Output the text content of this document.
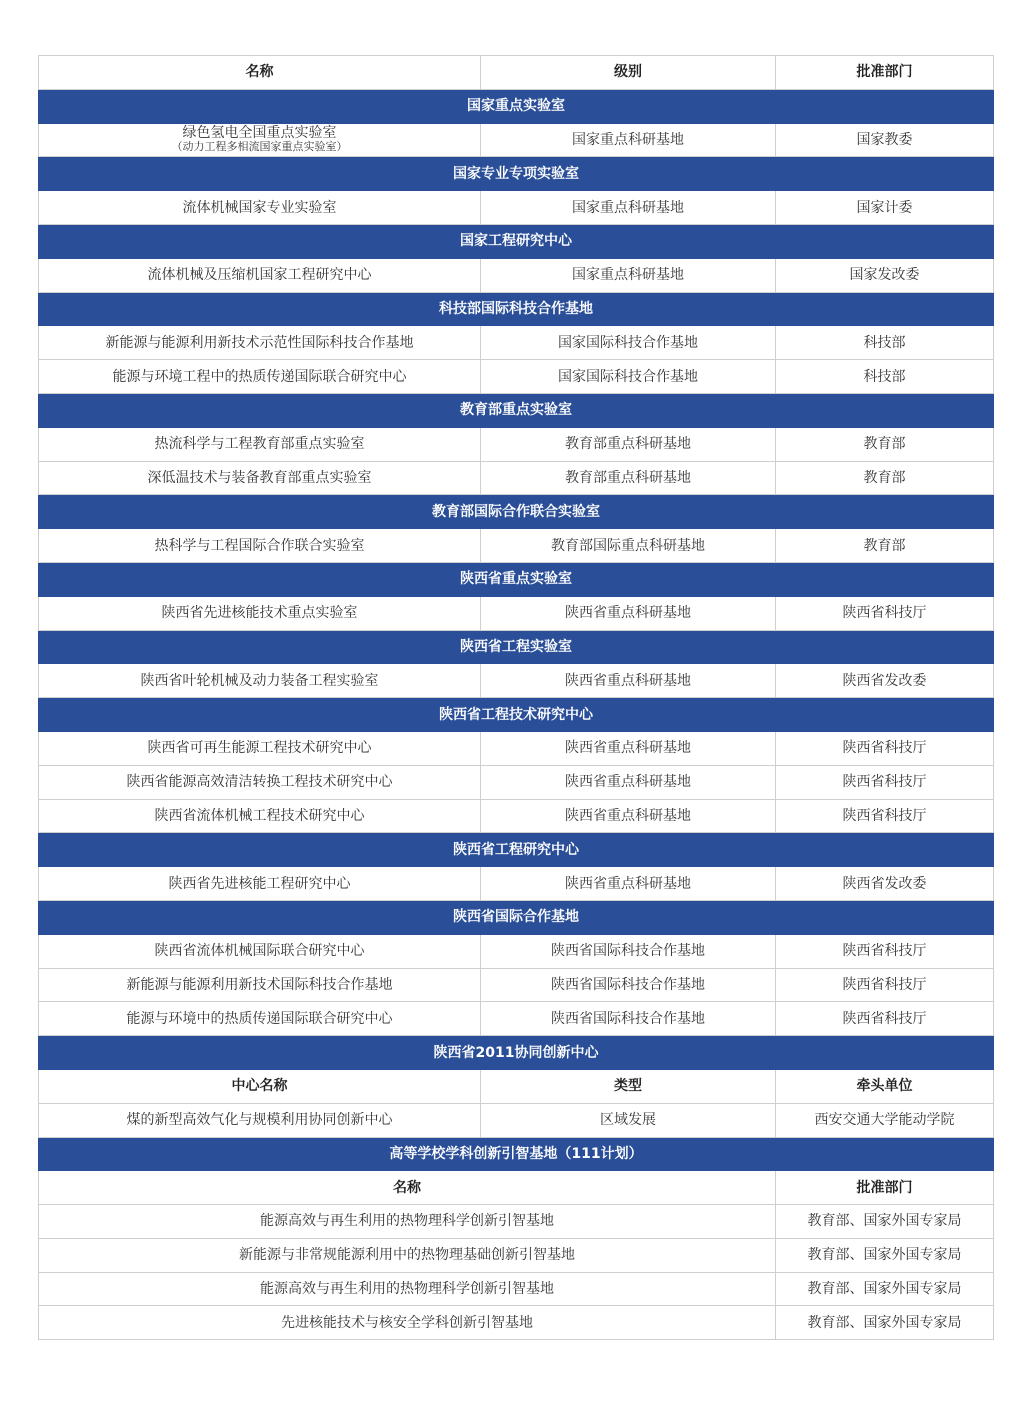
名称	级别	批准部门
国家重点实验室		

绿色氢电全国重点实验室
（动力工程多相流国家重点实验室）	国家重点科研基地	国家教委
国家专业专项实验室		
流体机械国家专业实验室	国家重点科研基地	国家计委
国家工程研究中心		
流体机械及压缩机国家工程研究中心	国家重点科研基地	国家发改委
科技部国际科技合作基地		
新能源与能源利用新技术示范性国际科技合作基地	国家国际科技合作基地	科技部
能源与环境工程中的热质传递国际联合研究中心	国家国际科技合作基地	科技部
教育部重点实验室		
热流科学与工程教育部重点实验室	教育部重点科研基地	教育部
深低温技术与装备教育部重点实验室	教育部重点科研基地	教育部
教育部国际合作联合实验室		
热科学与工程国际合作联合实验室	教育部国际重点科研基地	教育部
陕西省重点实验室		
陕西省先进核能技术重点实验室	陕西省重点科研基地	陕西省科技厅
陕西省工程实验室		
陕西省叶轮机械及动力装备工程实验室	陕西省重点科研基地	陕西省发改委
陕西省工程技术研究中心		
陕西省可再生能源工程技术研究中心	陕西省重点科研基地	陕西省科技厅
陕西省能源高效清洁转换工程技术研究中心	陕西省重点科研基地	陕西省科技厅
陕西省流体机械工程技术研究中心	陕西省重点科研基地	陕西省科技厅
陕西省工程研究中心		
陕西省先进核能工程研究中心	陕西省重点科研基地	陕西省发改委
陕西省国际合作基地		
陕西省流体机械国际联合研究中心	陕西省国际科技合作基地	陕西省科技厅
新能源与能源利用新技术国际科技合作基地	陕西省国际科技合作基地	陕西省科技厅
能源与环境中的热质传递国际联合研究中心	陕西省国际科技合作基地	陕西省科技厅
陕西省2011协同创新中心		
中心名称	类型	牵头单位
煤的新型高效气化与规模利用协同创新中心	区域发展	西安交通大学能动学院
高等学校学科创新引智基地（111计划）		
名称		批准部门
能源高效与再生利用的热物理科学创新引智基地		教育部、国家外国专家局
新能源与非常规能源利用中的热物理基础创新引智基地		教育部、国家外国专家局
能源高效与再生利用的热物理科学创新引智基地		教育部、国家外国专家局
先进核能技术与核安全学科创新引智基地		教育部、国家外国专家局
